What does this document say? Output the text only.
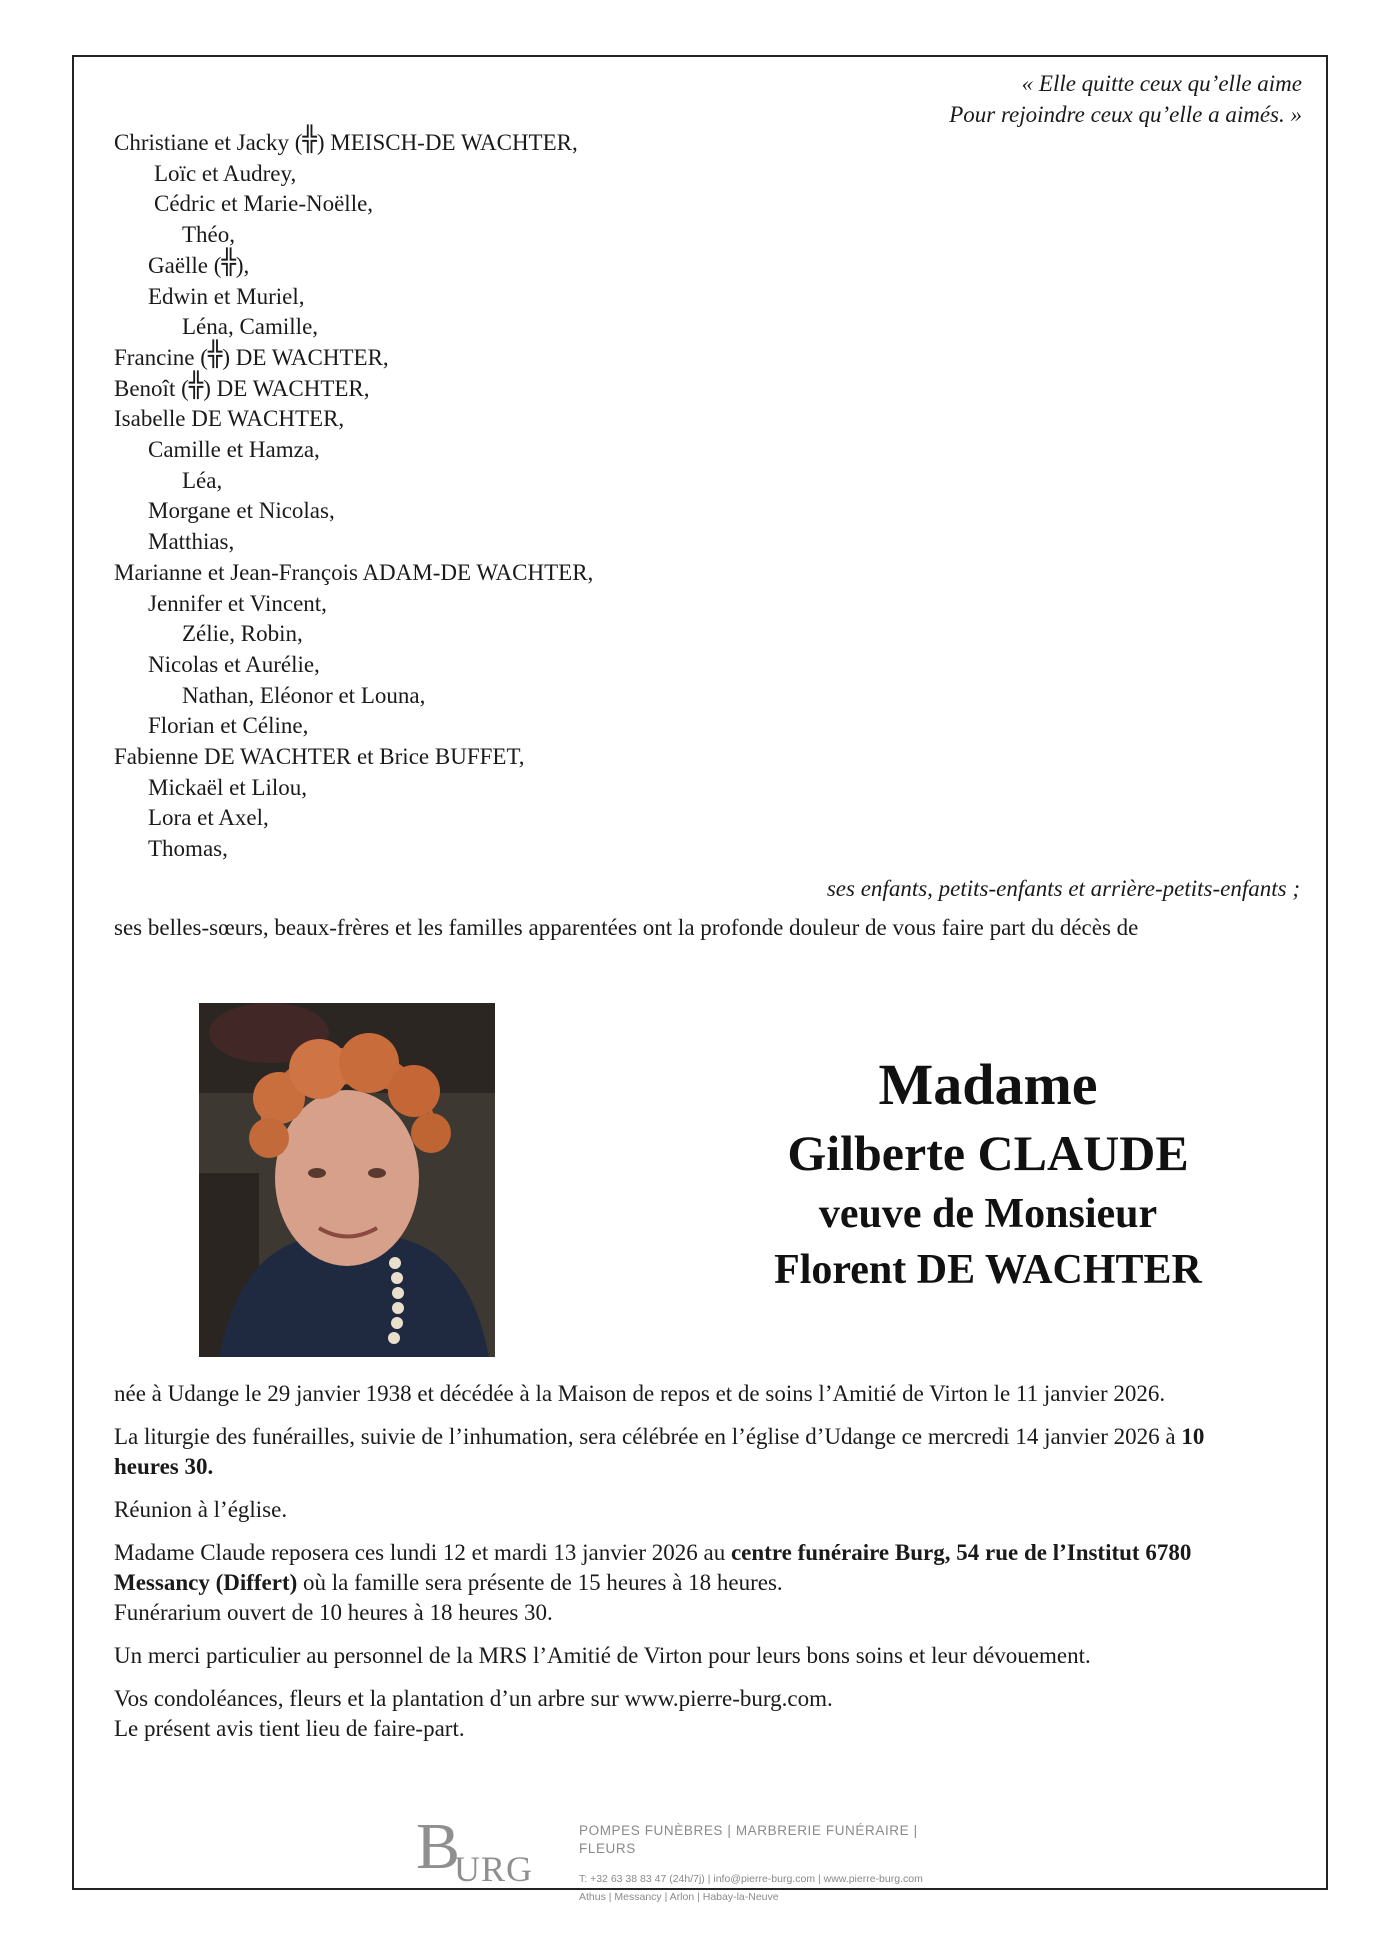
« Elle quitte ceux qu’elle aime
Pour rejoindre ceux qu’elle a aimés. »
Christiane et Jacky (╬) MEISCH-DE WACHTER,
Loïc et Audrey,
Cédric et Marie-Noëlle,
Théo,
Gaëlle (╬),
Edwin et Muriel,
Léna, Camille,
Francine (╬) DE WACHTER,
Benoît (╬) DE WACHTER,
Isabelle DE WACHTER,
Camille et Hamza,
Léa,
Morgane et Nicolas,
Matthias,
Marianne et Jean-François ADAM-DE WACHTER,
Jennifer et Vincent,
Zélie, Robin,
Nicolas et Aurélie,
Nathan, Eléonor et Louna,
Florian et Céline,
Fabienne DE WACHTER et Brice BUFFET,
Mickaël et Lilou,
Lora et Axel,
Thomas,
ses enfants, petits-enfants et arrière-petits-enfants ;
ses belles-sœurs, beaux-frères et les familles apparentées ont la profonde douleur de vous faire part du décès de
Madame
Gilberte CLAUDE
veuve de Monsieur
Florent DE WACHTER

née à Udange le 29 janvier 1938 et décédée à la Maison de repos et de soins l’Amitié de Virton le 11 janvier 2026.

La liturgie des funérailles, suivie de l’inhumation, sera célébrée en l’église d’Udange ce mercredi 14 janvier 2026 à 10 heures 30.

Réunion à l’église.

Madame Claude reposera ces lundi 12 et mardi 13 janvier 2026 au centre funéraire Burg, 54 rue de l’Institut 6780 Messancy (Differt) où la famille sera présente de 15 heures à 18 heures.
Funérarium ouvert de 10 heures à 18 heures 30.

Un merci particulier au personnel de la MRS l’Amitié de Virton pour leurs bons soins et leur dévouement.

Vos condoléances, fleurs et la plantation d’un arbre sur www.pierre-burg.com.
Le présent avis tient lieu de faire-part.

B
URG
POMPES FUNÈBRES | MARBRERIE FUNÉRAIRE | FLEURS
T: +32 63 38 83 47 (24h/7j) | info@pierre-burg.com | www.pierre-burg.com
Athus | Messancy | Arlon | Habay-la-Neuve
